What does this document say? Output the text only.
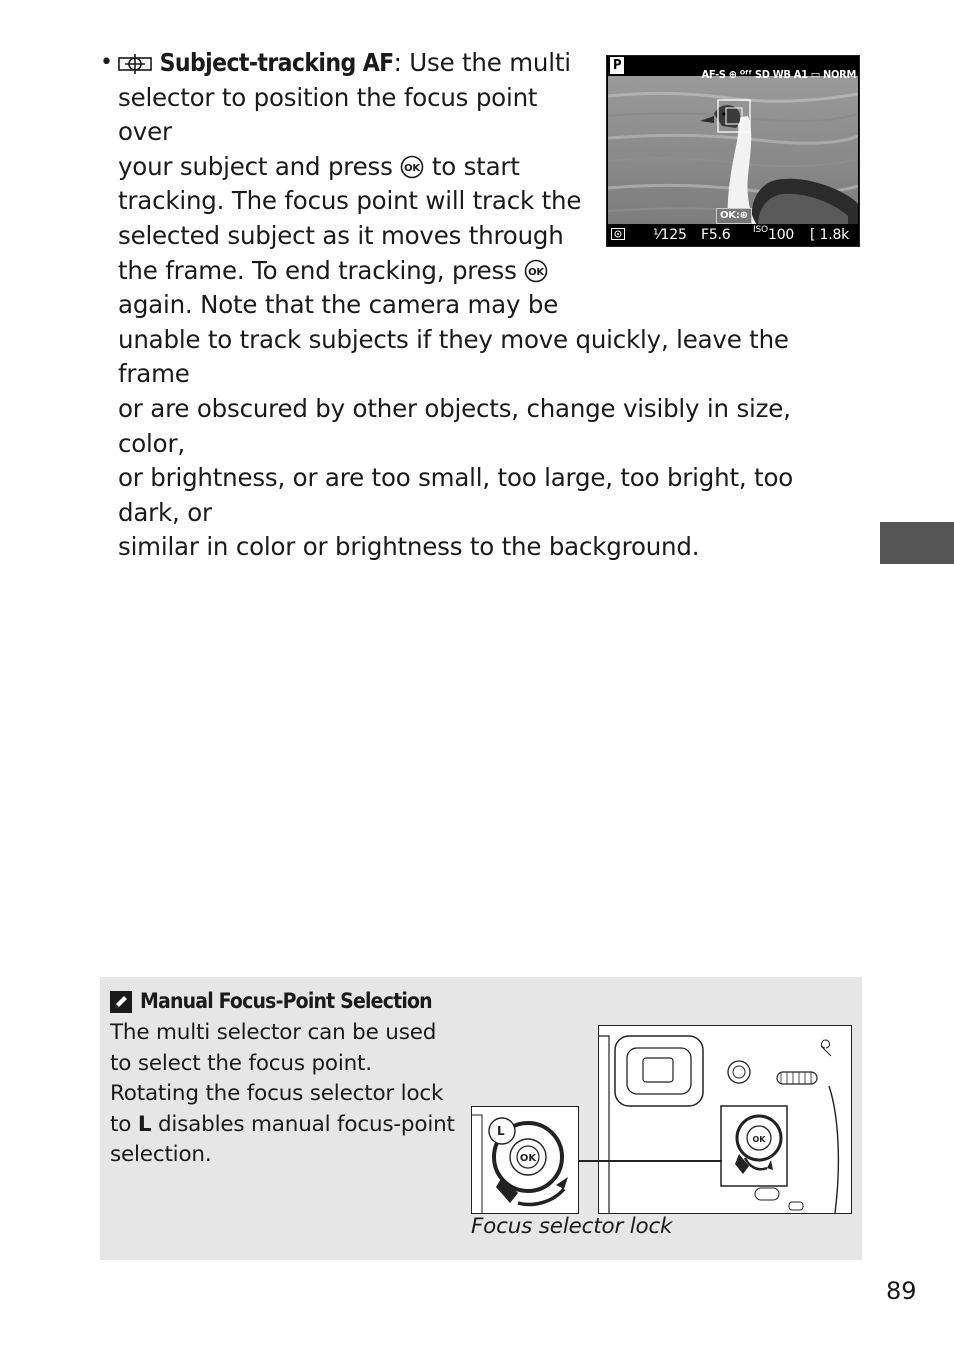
•	P
AF-S ⊕ ᴼᶠᶠ SD WB A1 ▭ NORM
OK:⊕
¹⁄125 F5.6 ISO 100 [ 1.8k
Subject-tracking AF: Use the multi
selector to position the focus point over
your subject and press OK to start
tracking. The focus point will track the
selected subject as it moves through
the frame. To end tracking, press OK

again. Note that the camera may be
unable to track subjects if they move quickly, leave the frame
or are obscured by other objects, change visibly in size, color,
or brightness, or are too small, too large, too bright, too dark, or
similar in color or brightness to the background.
Manual Focus-Point Selection
The multi selector can be used to select the focus point. Rotating the focus selector lock to L disables manual focus-point selection.
OK
OK
L
Focus selector lock
89
